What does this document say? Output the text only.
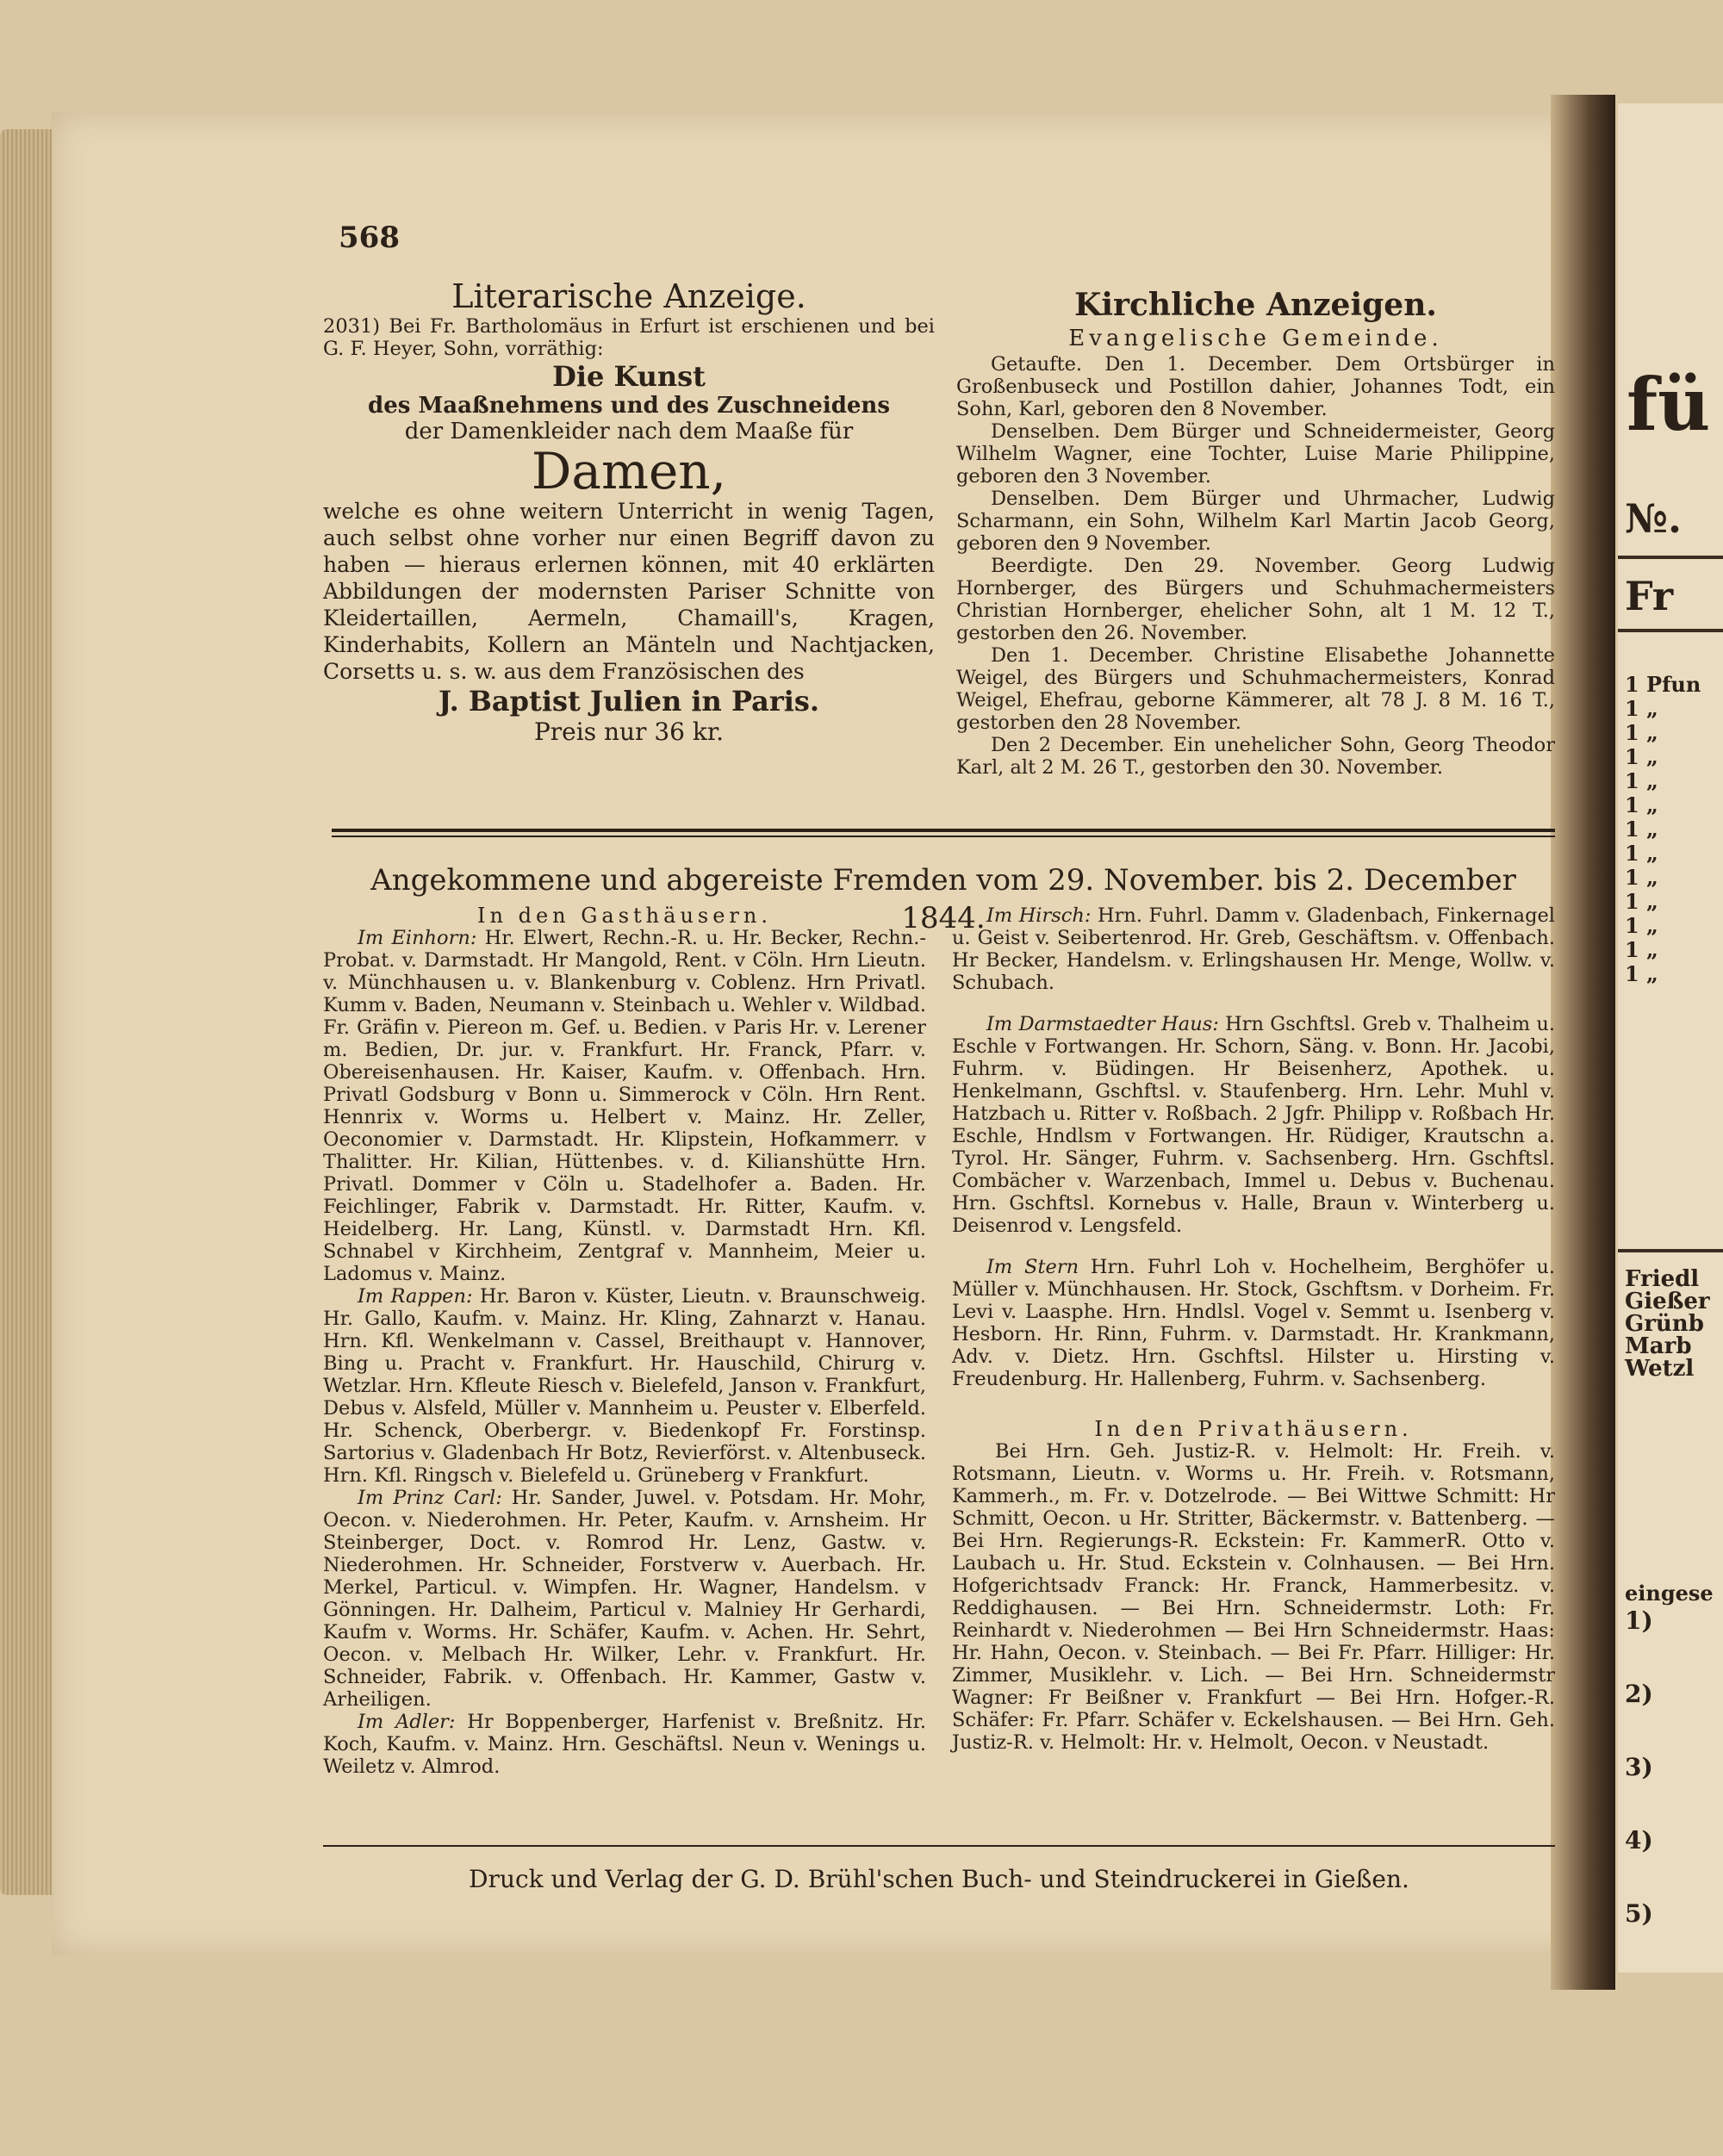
fü
№.
Fr
1 Pfun
1 „
1 „
1 „
1 „
1 „
1 „
1 „
1 „
1 „
1 „
1 „
1 „
Friedl
Gießer
Grünb
Marb
Wetzl
eingese
1)
2)
3)
4)
5)
568
Literarische Anzeige.

2031) Bei Fr. Bartholomäus in Erfurt ist erschienen und bei G. F. Heyer, Sohn, vorräthig:

Die Kunst
des Maaßnehmens und des Zuschneidens
der Damenkleider nach dem Maaße für
Damen,

welche es ohne weitern Unterricht in wenig Tagen, auch selbst ohne vorher nur einen Begriff davon zu haben — hieraus erlernen können, mit 40 erklärten Abbildungen der modernsten Pariser Schnitte von Kleidertaillen, Aermeln, Chamaill's, Kragen, Kinderhabits, Kollern an Mänteln und Nachtjacken, Corsetts u. s. w. aus dem Französischen des

J. Baptist Julien in Paris.
Preis nur 36 kr.
Kirchliche Anzeigen.
Evangelische Gemeinde.

Getaufte. Den 1. December. Dem Ortsbürger in Großenbuseck und Postillon dahier, Johannes Todt, ein Sohn, Karl, geboren den 8 November.

Denselben. Dem Bürger und Schneidermeister, Georg Wilhelm Wagner, eine Tochter, Luise Marie Philippine, geboren den 3 November.

Denselben. Dem Bürger und Uhrmacher, Ludwig Scharmann, ein Sohn, Wilhelm Karl Martin Jacob Georg, geboren den 9 November.

Beerdigte. Den 29. November. Georg Ludwig Hornberger, des Bürgers und Schuhmachermeisters Christian Hornberger, ehelicher Sohn, alt 1 M. 12 T., gestorben den 26. November.

Den 1. December. Christine Elisabethe Johannette Weigel, des Bürgers und Schuhmachermeisters, Konrad Weigel, Ehefrau, geborne Kämmerer, alt 78 J. 8 M. 16 T., gestorben den 28 November.

Den 2 December. Ein unehelicher Sohn, Georg Theodor Karl, alt 2 M. 26 T., gestorben den 30. November.

Angekommene und abgereiste Fremden vom 29. November. bis 2. December 1844.
In den Gasthäusern.

Im Einhorn: Hr. Elwert, Rechn.-R. u. Hr. Becker, Rechn.-Probat. v. Darmstadt. Hr Mangold, Rent. v Cöln. Hrn Lieutn. v. Münchhausen u. v. Blankenburg v. Coblenz. Hrn Privatl. Kumm v. Baden, Neumann v. Steinbach u. Wehler v. Wildbad. Fr. Gräfin v. Piereon m. Gef. u. Bedien. v Paris Hr. v. Lerener m. Bedien, Dr. jur. v. Frankfurt. Hr. Franck, Pfarr. v. Obereisenhausen. Hr. Kaiser, Kaufm. v. Offenbach. Hrn. Privatl Godsburg v Bonn u. Simmerock v Cöln. Hrn Rent. Hennrix v. Worms u. Helbert v. Mainz. Hr. Zeller, Oeconomier v. Darmstadt. Hr. Klipstein, Hofkammerr. v Thalitter. Hr. Kilian, Hüttenbes. v. d. Kilianshütte Hrn. Privatl. Dommer v Cöln u. Stadelhofer a. Baden. Hr. Feichlinger, Fabrik v. Darmstadt. Hr. Ritter, Kaufm. v. Heidelberg. Hr. Lang, Künstl. v. Darmstadt Hrn. Kfl. Schnabel v Kirchheim, Zentgraf v. Mannheim, Meier u. Ladomus v. Mainz.

Im Rappen: Hr. Baron v. Küster, Lieutn. v. Braunschweig. Hr. Gallo, Kaufm. v. Mainz. Hr. Kling, Zahnarzt v. Hanau. Hrn. Kfl. Wenkelmann v. Cassel, Breithaupt v. Hannover, Bing u. Pracht v. Frankfurt. Hr. Hauschild, Chirurg v. Wetzlar. Hrn. Kfleute Riesch v. Bielefeld, Janson v. Frankfurt, Debus v. Alsfeld, Müller v. Mannheim u. Peuster v. Elberfeld. Hr. Schenck, Oberbergr. v. Biedenkopf Fr. Forstinsp. Sartorius v. Gladenbach Hr Botz, Revierförst. v. Altenbuseck. Hrn. Kfl. Ringsch v. Bielefeld u. Grüneberg v Frankfurt.

Im Prinz Carl: Hr. Sander, Juwel. v. Potsdam. Hr. Mohr, Oecon. v. Niederohmen. Hr. Peter, Kaufm. v. Arnsheim. Hr Steinberger, Doct. v. Romrod Hr. Lenz, Gastw. v. Niederohmen. Hr. Schneider, Forstverw v. Auerbach. Hr. Merkel, Particul. v. Wimpfen. Hr. Wagner, Handelsm. v Gönningen. Hr. Dalheim, Particul v. Malniey Hr Gerhardi, Kaufm v. Worms. Hr. Schäfer, Kaufm. v. Achen. Hr. Sehrt, Oecon. v. Melbach Hr. Wilker, Lehr. v. Frankfurt. Hr. Schneider, Fabrik. v. Offenbach. Hr. Kammer, Gastw v. Arheiligen.

Im Adler: Hr Boppenberger, Harfenist v. Breßnitz. Hr. Koch, Kaufm. v. Mainz. Hrn. Geschäftsl. Neun v. Wenings u. Weiletz v. Almrod.

Im Hirsch: Hrn. Fuhrl. Damm v. Gladenbach, Finkernagel u. Geist v. Seibertenrod. Hr. Greb, Geschäftsm. v. Offenbach. Hr Becker, Handelsm. v. Erlingshausen Hr. Menge, Wollw. v. Schubach.

Im Darmstaedter Haus: Hrn Gschftsl. Greb v. Thalheim u. Eschle v Fortwangen. Hr. Schorn, Säng. v. Bonn. Hr. Jacobi, Fuhrm. v. Büdingen. Hr Beisenherz, Apothek. u. Henkelmann, Gschftsl. v. Staufenberg. Hrn. Lehr. Muhl v. Hatzbach u. Ritter v. Roßbach. 2 Jgfr. Philipp v. Roßbach Hr. Eschle, Hndlsm v Fortwangen. Hr. Rüdiger, Krautschn a. Tyrol. Hr. Sänger, Fuhrm. v. Sachsenberg. Hrn. Gschftsl. Combächer v. Warzenbach, Immel u. Debus v. Buchenau. Hrn. Gschftsl. Kornebus v. Halle, Braun v. Winterberg u. Deisenrod v. Lengsfeld.

Im Stern Hrn. Fuhrl Loh v. Hochelheim, Berghöfer u. Müller v. Münchhausen. Hr. Stock, Gschftsm. v Dorheim. Fr. Levi v. Laasphe. Hrn. Hndlsl. Vogel v. Semmt u. Isenberg v. Hesborn. Hr. Rinn, Fuhrm. v. Darmstadt. Hr. Krankmann, Adv. v. Dietz. Hrn. Gschftsl. Hilster u. Hirsting v. Freudenburg. Hr. Hallenberg, Fuhrm. v. Sachsenberg.

In den Privathäusern.

Bei Hrn. Geh. Justiz-R. v. Helmolt: Hr. Freih. v. Rotsmann, Lieutn. v. Worms u. Hr. Freih. v. Rotsmann, Kammerh., m. Fr. v. Dotzelrode. — Bei Wittwe Schmitt: Hr Schmitt, Oecon. u Hr. Stritter, Bäckermstr. v. Battenberg. — Bei Hrn. Regierungs-R. Eckstein: Fr. KammerR. Otto v. Laubach u. Hr. Stud. Eckstein v. Colnhausen. — Bei Hrn. Hofgerichtsadv Franck: Hr. Franck, Hammerbesitz. v. Reddighausen. — Bei Hrn. Schneidermstr. Loth: Fr. Reinhardt v. Niederohmen — Bei Hrn Schneidermstr. Haas: Hr. Hahn, Oecon. v. Steinbach. — Bei Fr. Pfarr. Hilliger: Hr. Zimmer, Musiklehr. v. Lich. — Bei Hrn. Schneidermstr Wagner: Fr Beißner v. Frankfurt — Bei Hrn. Hofger.-R. Schäfer: Fr. Pfarr. Schäfer v. Eckelshausen. — Bei Hrn. Geh. Justiz-R. v. Helmolt: Hr. v. Helmolt, Oecon. v Neustadt.

Druck und Verlag der G. D. Brühl'schen Buch- und Steindruckerei in Gießen.
